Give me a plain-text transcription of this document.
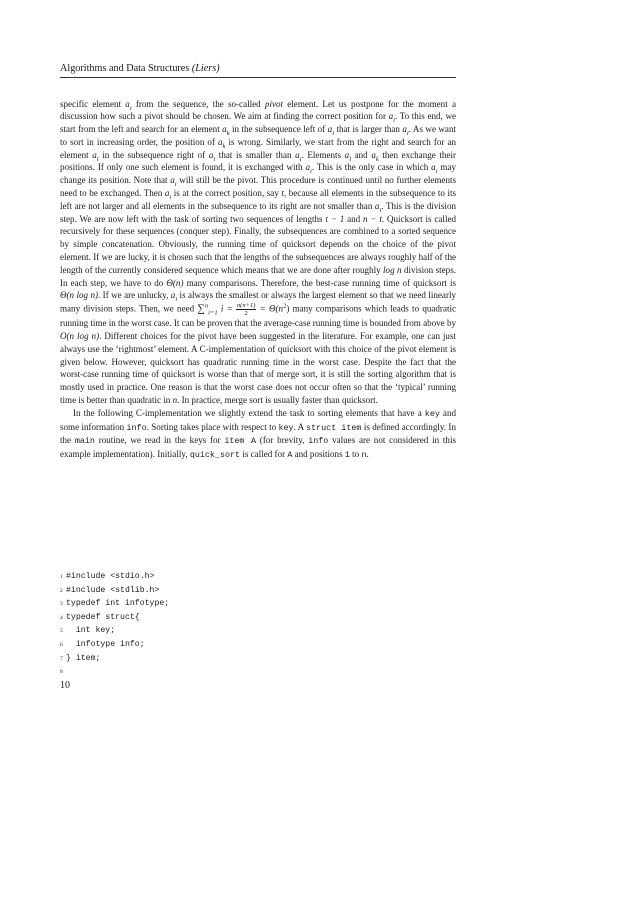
Algorithms and Data Structures (Liers)

specific element $a_i$ from the sequence, the so-called pivot element. Let us postpone for the moment a discussion how such a pivot should be chosen. We aim at finding the correct position for $a_i$. To this end, we start from the left and search for an element $a_k$ in the subsequence left of $a_i$ that is larger than $a_i$. As we want to sort in increasing order, the position of $a_k$ is wrong. Similarly, we start from the right and search for an element $a_l$ in the subsequence right of $a_i$ that is smaller than $a_i$. Elements $a_l$ and $a_k$ then exchange their positions. If only one such element is found, it is exchanged with $a_i$. This is the only case in which $a_i$ may change its position. Note that $a_i$ will still be the pivot. This procedure is continued until no further elements need to be exchanged. Then $a_i$ is at the correct position, say t, because all elements in the subsequence to its left are not larger and all elements in the subsequence to its right are not smaller than $a_i$. This is the division step. We are now left with the task of sorting two sequences of lengths t − 1 and n − t. Quicksort is called recursively for these sequences (conquer step). Finally, the subsequences are combined to a sorted sequence by simple concatenation. Obviously, the running time of quicksort depends on the choice of the pivot element. If we are lucky, it is chosen such that the lengths of the subsequences are always roughly half of the length of the currently considered sequence which means that we are done after roughly log n division steps. In each step, we have to do Θ(n) many comparisons. Therefore, the best-case running time of quicksort is Θ(n log n). If we are unlucky, $a_i$ is always the smallest or always the largest element so that we need linearly many division steps. Then, we need ∑$^n_{i=1}$ $i = \frac{n(n+1)}{2} = \Theta(n^2)$ many comparisons which leads to quadratic running time in the worst case. It can be proven that the average-case running time is bounded from above by O(n log n). Different choices for the pivot have been suggested in the literature. For example, one can just always use the ‘rightmost’ element. A C-implementation of quicksort with this choice of the pivot element is given below. However, quicksort has quadratic running time in the worst case. Despite the fact that the worst-case running time of quicksort is worse than that of merge sort, it is still the sorting algorithm that is mostly used in practice. One reason is that the worst case does not occur often so that the ‘typical’ running time is better than quadratic in n. In practice, merge sort is usually faster than quicksort.

In the following C-implementation we slightly extend the task to sorting elements that have a key and some information info. Sorting takes place with respect to key. A struct item is defined accordingly. In the main routine, we read in the keys for item A (for brevity, info values are not considered in this example implementation). Initially, quick_sort is called for A and positions 1 to n.

1 #include <stdio.h>
2 #include <stdlib.h>
3 typedef int infotype;
4 typedef struct{
5  int key;
6  infotype info;
7 } item;
8
10
